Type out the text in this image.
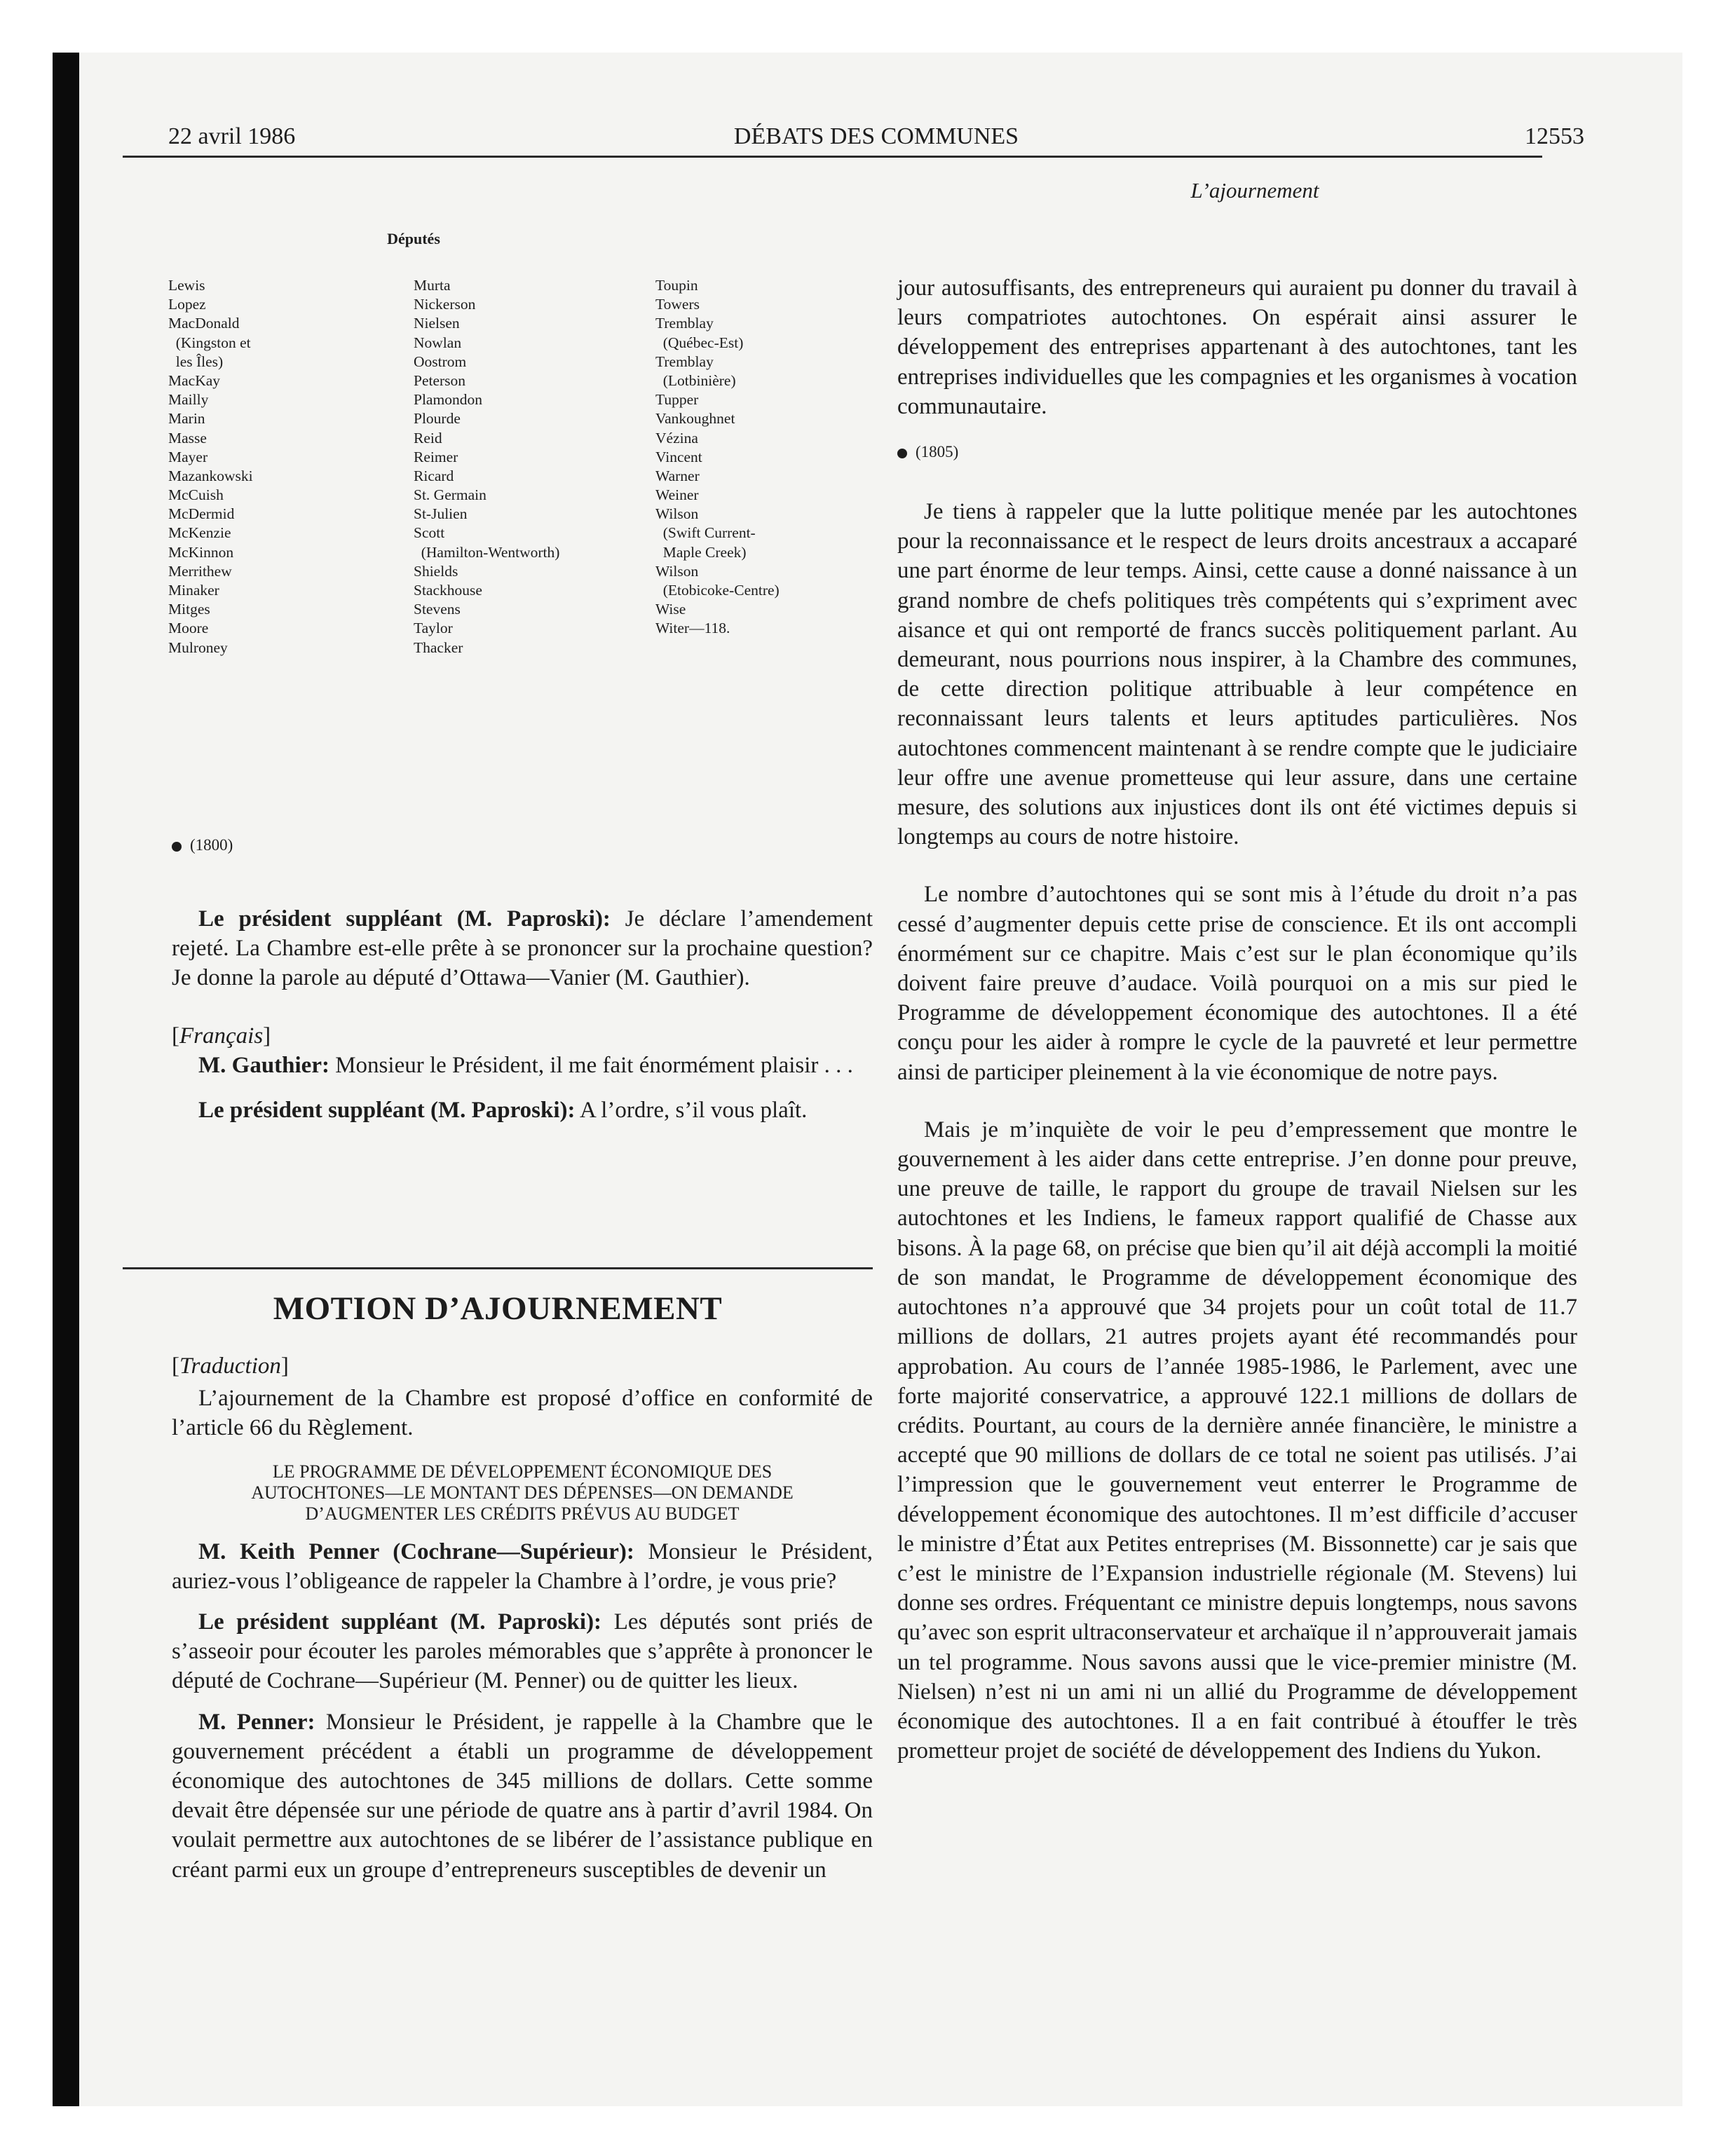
22 avril 1986	DÉBATS DES COMMUNES	12553
L’ajournement
Députés
Lewis
Lopez
MacDonald
(Kingston et
les Îles)
MacKay
Mailly
Marin
Masse
Mayer
Mazankowski
McCuish
McDermid
McKenzie
McKinnon
Merrithew
Minaker
Mitges
Moore
Mulroney
Murta
Nickerson
Nielsen
Nowlan
Oostrom
Peterson
Plamondon
Plourde
Reid
Reimer
Ricard
St. Germain
St-Julien
Scott
(Hamilton-Wentworth)
Shields
Stackhouse
Stevens
Taylor
Thacker
Toupin
Towers
Tremblay
(Québec-Est)
Tremblay
(Lotbinière)
Tupper
Vankoughnet
Vézina
Vincent
Warner
Weiner
Wilson
(Swift Current-
Maple Creek)
Wilson
(Etobicoke-Centre)
Wise
Witer—118.
(1800)

Le président suppléant (M. Paproski): Je déclare l’amendement rejeté. La Chambre est-elle prête à se prononcer sur la prochaine question? Je donne la parole au député d’Ottawa—Vanier (M. Gauthier).

[Français]

M. Gauthier: Monsieur le Président, il me fait énormément plaisir . . .

Le président suppléant (M. Paproski): A l’ordre, s’il vous plaît.

MOTION D’AJOURNEMENT

[Traduction]

L’ajournement de la Chambre est proposé d’office en conformité de l’article 66 du Règlement.

LE PROGRAMME DE DÉVELOPPEMENT ÉCONOMIQUE DES

AUTOCHTONES—LE MONTANT DES DÉPENSES—ON DEMANDE

D’AUGMENTER LES CRÉDITS PRÉVUS AU BUDGET

M. Keith Penner (Cochrane—Supérieur): Monsieur le Président, auriez-vous l’obligeance de rappeler la Chambre à l’ordre, je vous prie?

Le président suppléant (M. Paproski): Les députés sont priés de s’asseoir pour écouter les paroles mémorables que s’apprête à prononcer le député de Cochrane—Supérieur (M. Penner) ou de quitter les lieux.

M. Penner: Monsieur le Président, je rappelle à la Chambre que le gouvernement précédent a établi un programme de développement économique des autochtones de 345 millions de dollars. Cette somme devait être dépensée sur une période de quatre ans à partir d’avril 1984. On voulait permettre aux autochtones de se libérer de l’assistance publique en créant parmi eux un groupe d’entrepreneurs susceptibles de devenir un

jour autosuffisants, des entrepreneurs qui auraient pu donner du travail à leurs compatriotes autochtones. On espérait ainsi assurer le développement des entreprises appartenant à des autochtones, tant les entreprises individuelles que les compagnies et les organismes à vocation communautaire.

(1805)

Je tiens à rappeler que la lutte politique menée par les autochtones pour la reconnaissance et le respect de leurs droits ancestraux a accaparé une part énorme de leur temps. Ainsi, cette cause a donné naissance à un grand nombre de chefs politiques très compétents qui s’expriment avec aisance et qui ont remporté de francs succès politiquement parlant. Au demeurant, nous pourrions nous inspirer, à la Chambre des communes, de cette direction politique attribuable à leur compétence en reconnaissant leurs talents et leurs aptitudes particulières. Nos autochtones commencent maintenant à se rendre compte que le judiciaire leur offre une avenue prometteuse qui leur assure, dans une certaine mesure, des solutions aux injustices dont ils ont été victimes depuis si longtemps au cours de notre histoire.

Le nombre d’autochtones qui se sont mis à l’étude du droit n’a pas cessé d’augmenter depuis cette prise de conscience. Et ils ont accompli énormément sur ce chapitre. Mais c’est sur le plan économique qu’ils doivent faire preuve d’audace. Voilà pourquoi on a mis sur pied le Programme de développement économique des autochtones. Il a été conçu pour les aider à rompre le cycle de la pauvreté et leur permettre ainsi de participer pleinement à la vie économique de notre pays.

Mais je m’inquiète de voir le peu d’empressement que montre le gouvernement à les aider dans cette entreprise. J’en donne pour preuve, une preuve de taille, le rapport du groupe de travail Nielsen sur les autochtones et les Indiens, le fameux rapport qualifié de Chasse aux bisons. À la page 68, on précise que bien qu’il ait déjà accompli la moitié de son mandat, le Programme de développement économique des autochtones n’a approuvé que 34 projets pour un coût total de 11.7 millions de dollars, 21 autres projets ayant été recommandés pour approbation. Au cours de l’année 1985-1986, le Parlement, avec une forte majorité conservatrice, a approuvé 122.1 millions de dollars de crédits. Pourtant, au cours de la dernière année financière, le ministre a accepté que 90 millions de dollars de ce total ne soient pas utilisés. J’ai l’impression que le gouvernement veut enterrer le Programme de développement économique des autochtones. Il m’est difficile d’accuser le ministre d’État aux Petites entreprises (M. Bissonnette) car je sais que c’est le ministre de l’Expansion industrielle régionale (M. Stevens) lui donne ses ordres. Fréquentant ce ministre depuis longtemps, nous savons qu’avec son esprit ultraconservateur et archaïque il n’approuverait jamais un tel programme. Nous savons aussi que le vice-premier ministre (M. Nielsen) n’est ni un ami ni un allié du Programme de développement économique des autochtones. Il a en fait contribué à étouffer le très prometteur projet de société de développement des Indiens du Yukon.
